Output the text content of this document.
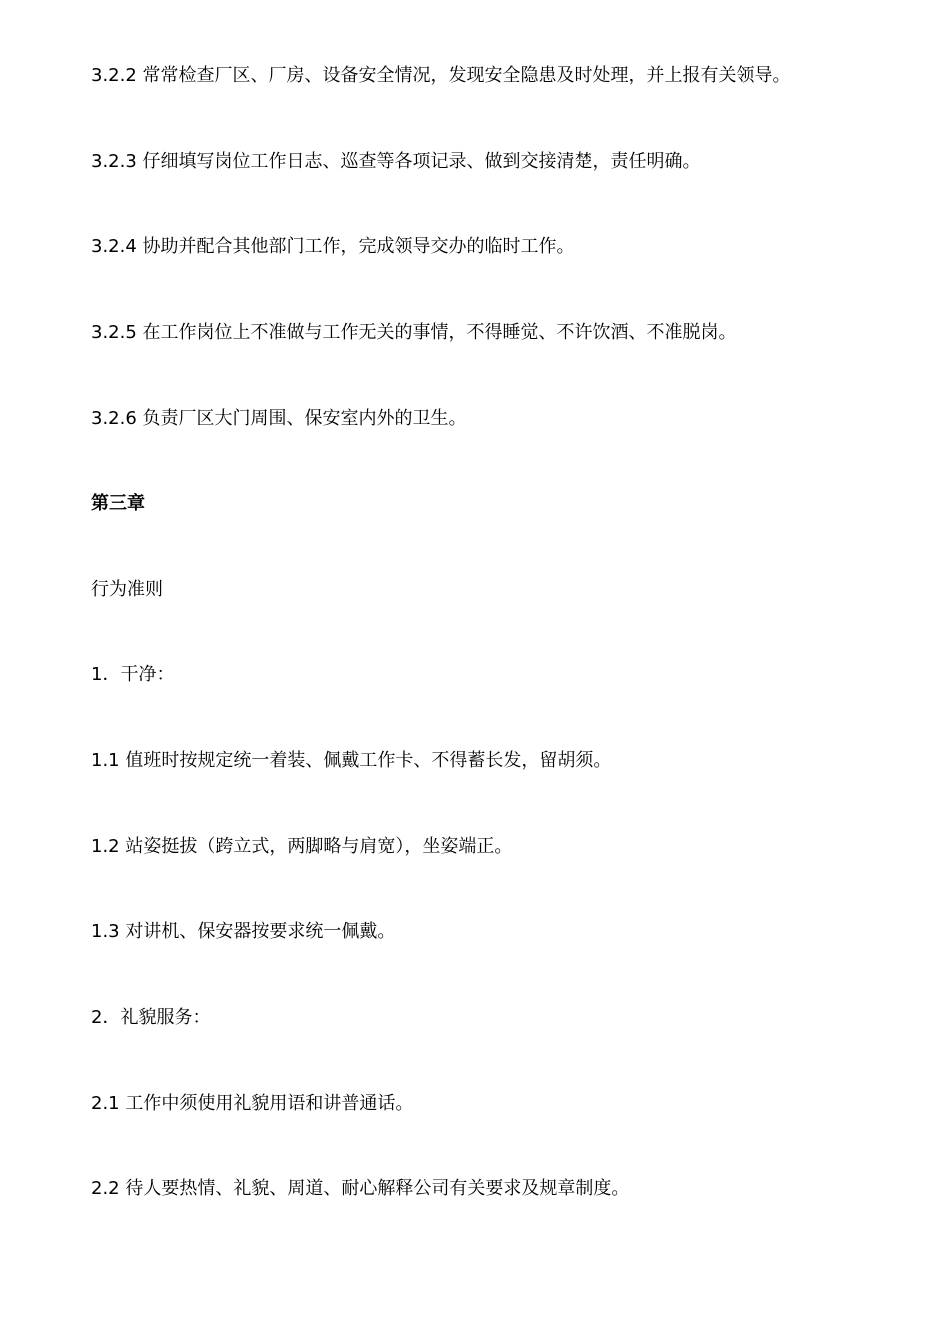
3.2.2 常常检查厂区、厂房、设备安全情况，发现安全隐患及时处理，并上报有关领导。
3.2.3 仔细填写岗位工作日志、巡查等各项记录、做到交接清楚，责任明确。
3.2.4 协助并配合其他部门工作，完成领导交办的临时工作。
3.2.5 在工作岗位上不准做与工作无关的事情，不得睡觉、不许饮酒、不准脱岗。
3.2.6 负责厂区大门周围、保安室内外的卫生。
第三章
行为准则
1．干净：
1.1 值班时按规定统一着装、佩戴工作卡、不得蓄长发，留胡须。
1.2 站姿挺拔（跨立式，两脚略与肩宽），坐姿端正。
1.3 对讲机、保安器按要求统一佩戴。
2．礼貌服务：
2.1 工作中须使用礼貌用语和讲普通话。
2.2 待人要热情、礼貌、周道、耐心解释公司有关要求及规章制度。
